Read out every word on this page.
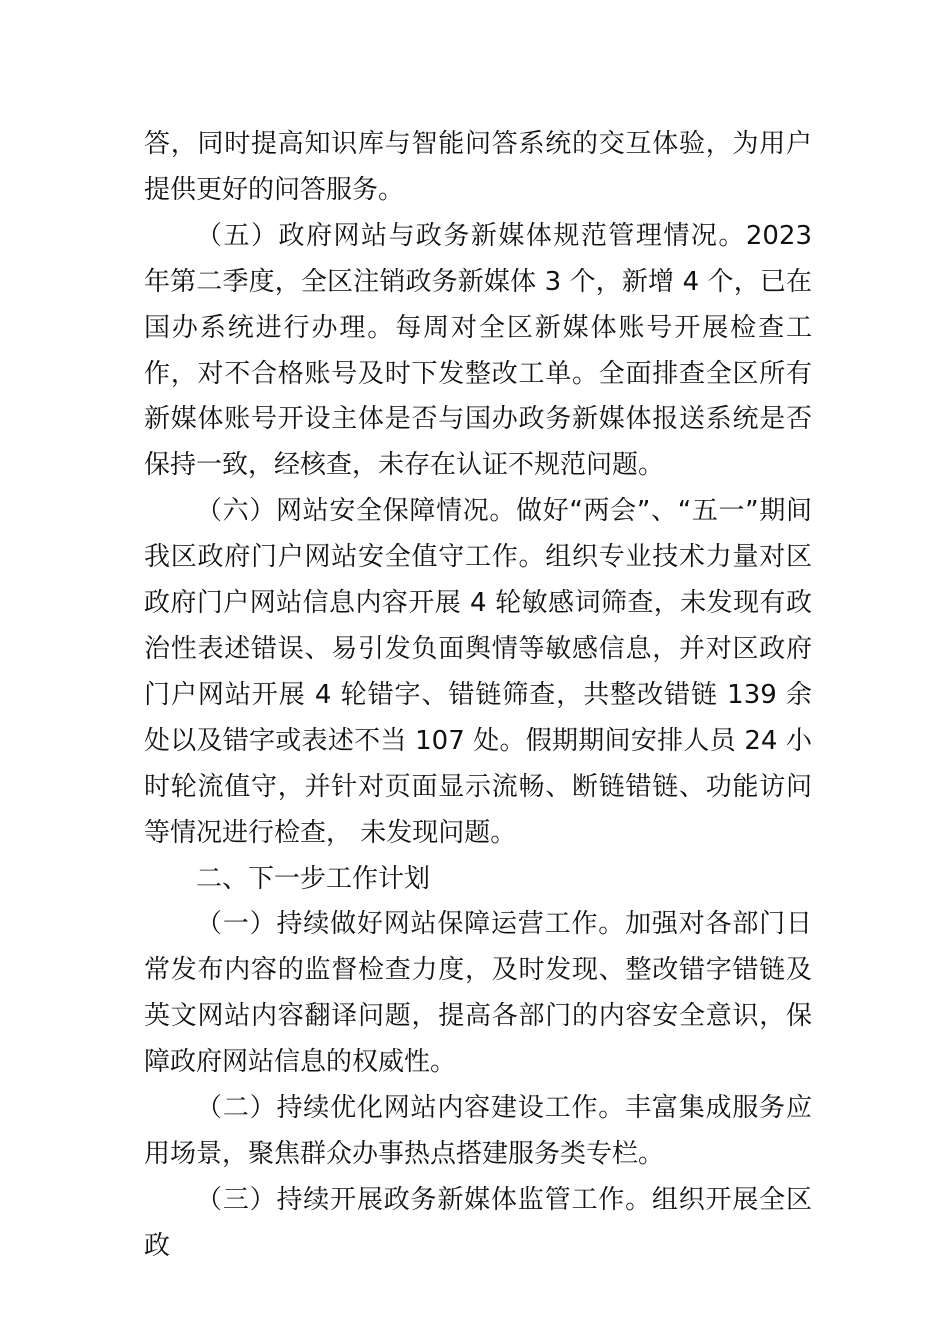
答，同时提高知识库与智能问答系统的交互体验，为用户提供更好的问答服务。

（五）政府网站与政务新媒体规范管理情况。2023 年第二季度，全区注销政务新媒体 3 个，新增 4 个，已在国办系统进行办理。每周对全区新媒体账号开展检查工作，对不合格账号及时下发整改工单。全面排查全区所有新媒体账号开设主体是否与国办政务新媒体报送系统是否保持一致，经核查，未存在认证不规范问题。

（六）网站安全保障情况。做好“两会”、“五一”期间我区政府门户网站安全值守工作。组织专业技术力量对区政府门户网站信息内容开展 4 轮敏感词筛查，未发现有政治性表述错误、易引发负面舆情等敏感信息，并对区政府门户网站开展 4 轮错字、错链筛查，共整改错链 139 余处以及错字或表述不当 107 处。假期期间安排人员 24 小时轮流值守，并针对页面显示流畅、断链错链、功能访问等情况进行检查， 未发现问题。

二、下一步工作计划

（一）持续做好网站保障运营工作。加强对各部门日常发布内容的监督检查力度，及时发现、整改错字错链及英文网站内容翻译问题，提高各部门的内容安全意识，保障政府网站信息的权威性。

（二）持续优化网站内容建设工作。丰富集成服务应用场景，聚焦群众办事热点搭建服务类专栏。

（三）持续开展政务新媒体监管工作。组织开展全区政
